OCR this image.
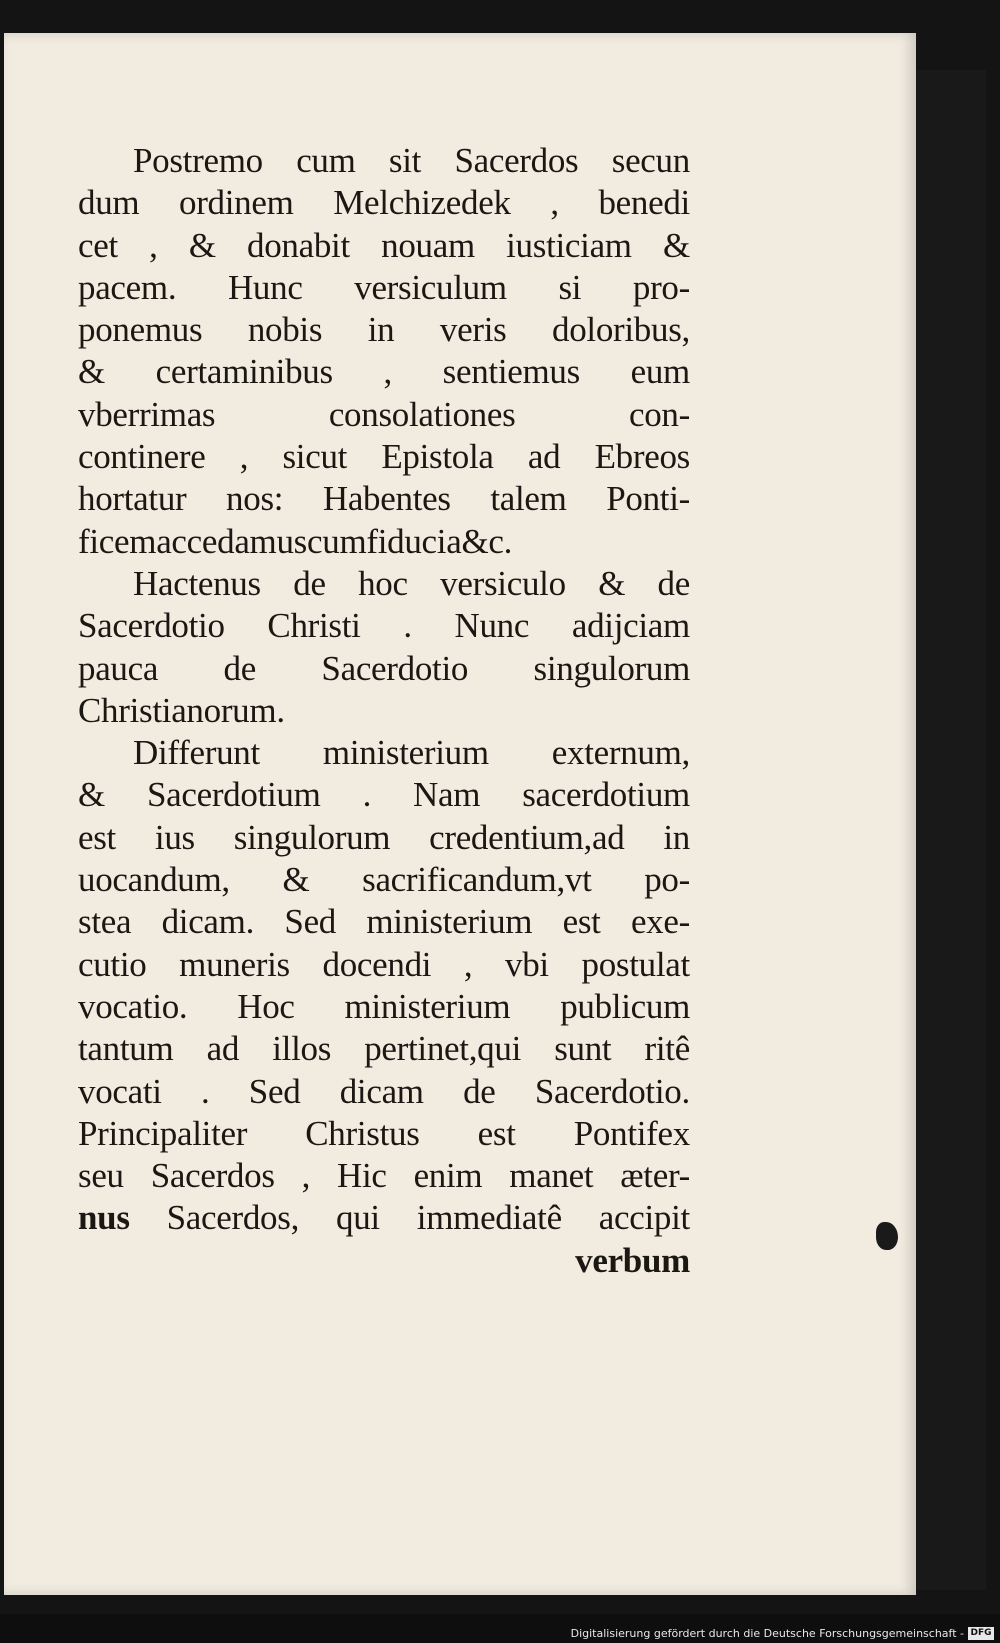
Postremo cum sit Sacerdos secun
dum ordinem Melchizedek , benedi
cet , & donabit nouam iusticiam &
pacem. Hunc versiculum si pro-
ponemus nobis in veris doloribus,
& certaminibus , sentiemus eum
vberrimas	consolationes	con-
continere , sicut Epistola ad Ebreos
hortatur nos: Habentes talem Ponti-
ficem accedamus cum fiducia &c.
Hactenus de hoc versiculo & de
Sacerdotio Christi . Nunc adijciam
pauca de Sacerdotio singulorum
Christianorum .
Differunt ministerium externum,
& Sacerdotium . Nam sacerdotium
est ius singulorum credentium,ad in
uocandum, & sacrificandum,vt po-
stea dicam. Sed ministerium est exe-
cutio muneris docendi , vbi postulat
vocatio. Hoc ministerium publicum
tantum ad illos pertinet,qui sunt ritê
vocati . Sed dicam de Sacerdotio.
Principaliter Christus est Pontifex
seu Sacerdos , Hic enim manet æter-
nus Sacerdos, qui immediatê accipit
verbum
Digitalisierung gefördert durch die Deutsche Forschungsgemeinschaft - DFG
